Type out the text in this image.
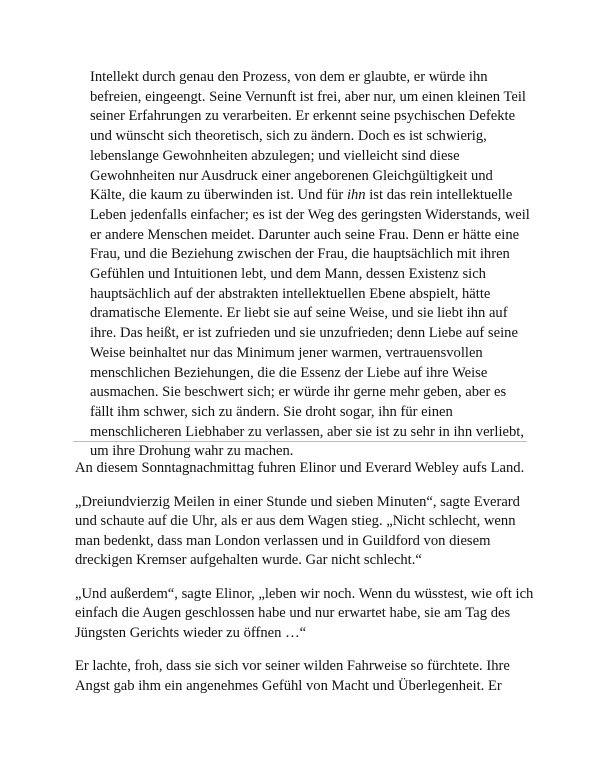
Intellekt durch genau den Prozess, von dem er glaubte, er würde ihn befreien, eingeengt. Seine Vernunft ist frei, aber nur, um einen kleinen Teil seiner Erfahrungen zu verarbeiten. Er erkennt seine psychischen Defekte und wünscht sich theoretisch, sich zu ändern. Doch es ist schwierig, lebenslange Gewohnheiten abzulegen; und vielleicht sind diese Gewohnheiten nur Ausdruck einer angeborenen Gleichgültigkeit und Kälte, die kaum zu überwinden ist. Und für ihn ist das rein intellektuelle Leben jedenfalls einfacher; es ist der Weg des geringsten Widerstands, weil er andere Menschen meidet. Darunter auch seine Frau. Denn er hätte eine Frau, und die Beziehung zwischen der Frau, die hauptsächlich mit ihren Gefühlen und Intuitionen lebt, und dem Mann, dessen Existenz sich hauptsächlich auf der abstrakten intellektuellen Ebene abspielt, hätte dramatische Elemente. Er liebt sie auf seine Weise, und sie liebt ihn auf ihre. Das heißt, er ist zufrieden und sie unzufrieden; denn Liebe auf seine Weise beinhaltet nur das Minimum jener warmen, vertrauensvollen menschlichen Beziehungen, die die Essenz der Liebe auf ihre Weise ausmachen. Sie beschwert sich; er würde ihr gerne mehr geben, aber es fällt ihm schwer, sich zu ändern. Sie droht sogar, ihn für einen menschlicheren Liebhaber zu verlassen, aber sie ist zu sehr in ihn verliebt, um ihre Drohung wahr zu machen.

An diesem Sonntagnachmittag fuhren Elinor und Everard Webley aufs Land.

„Dreiundvierzig Meilen in einer Stunde und sieben Minuten“, sagte Everard und schaute auf die Uhr, als er aus dem Wagen stieg. „Nicht schlecht, wenn man bedenkt, dass man London verlassen und in Guildford von diesem dreckigen Kremser aufgehalten wurde. Gar nicht schlecht.“

„Und außerdem“, sagte Elinor, „leben wir noch. Wenn du wüsstest, wie oft ich einfach die Augen geschlossen habe und nur erwartet habe, sie am Tag des Jüngsten Gerichts wieder zu öffnen …“

Er lachte, froh, dass sie sich vor seiner wilden Fahrweise so fürchtete. Ihre Angst gab ihm ein angenehmes Gefühl von Macht und Überlegenheit. Er
